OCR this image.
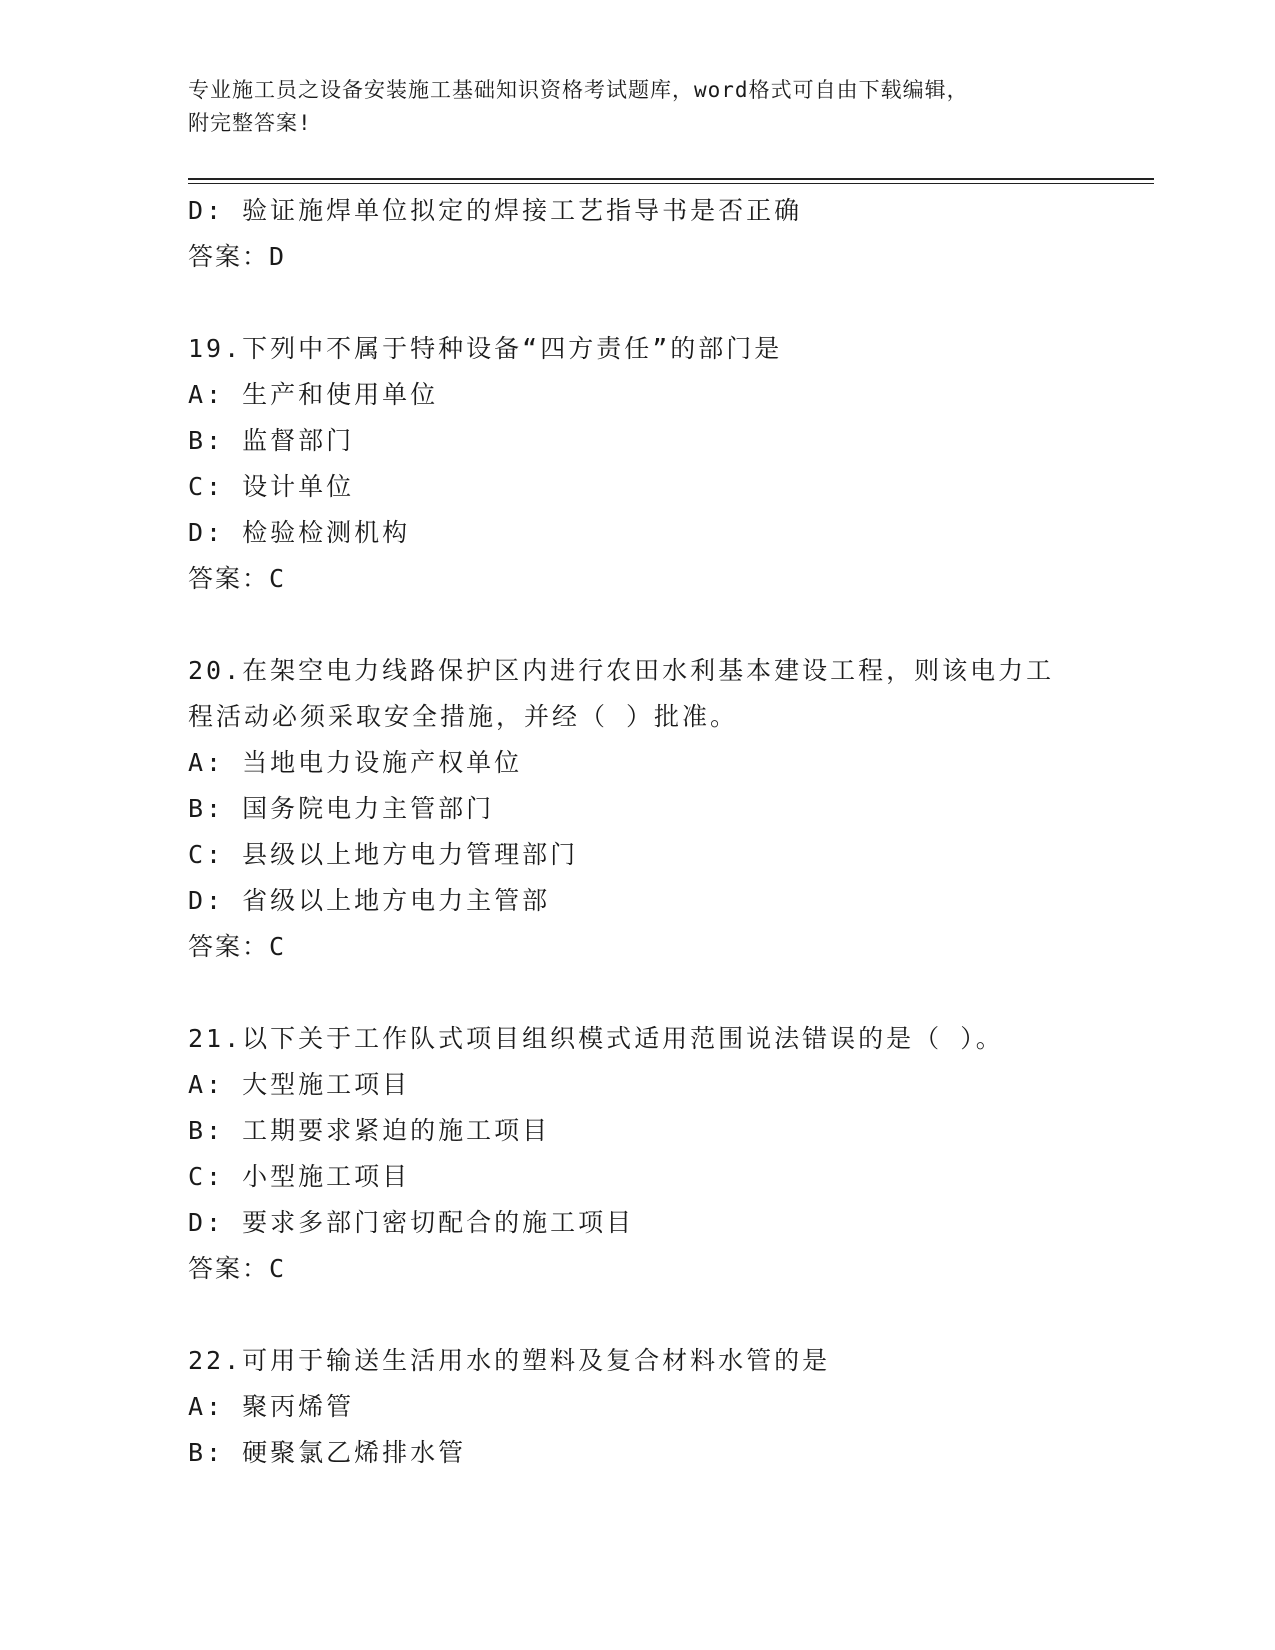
专业施工员之设备安装施工基础知识资格考试题库，word格式可自由下载编辑，
附完整答案!
D: 验证施焊单位拟定的焊接工艺指导书是否正确
答案：D
19.下列中不属于特种设备“四方责任”的部门是
A: 生产和使用单位
B: 监督部门
C: 设计单位
D: 检验检测机构
答案：C
20.在架空电力线路保护区内进行农田水利基本建设工程，则该电力工
程活动必须采取安全措施，并经（ ）批准。
A: 当地电力设施产权单位
B: 国务院电力主管部门
C: 县级以上地方电力管理部门
D: 省级以上地方电力主管部
答案：C
21.以下关于工作队式项目组织模式适用范围说法错误的是（ ）。
A: 大型施工项目
B: 工期要求紧迫的施工项目
C: 小型施工项目
D: 要求多部门密切配合的施工项目
答案：C
22.可用于输送生活用水的塑料及复合材料水管的是
A: 聚丙烯管
B: 硬聚氯乙烯排水管
